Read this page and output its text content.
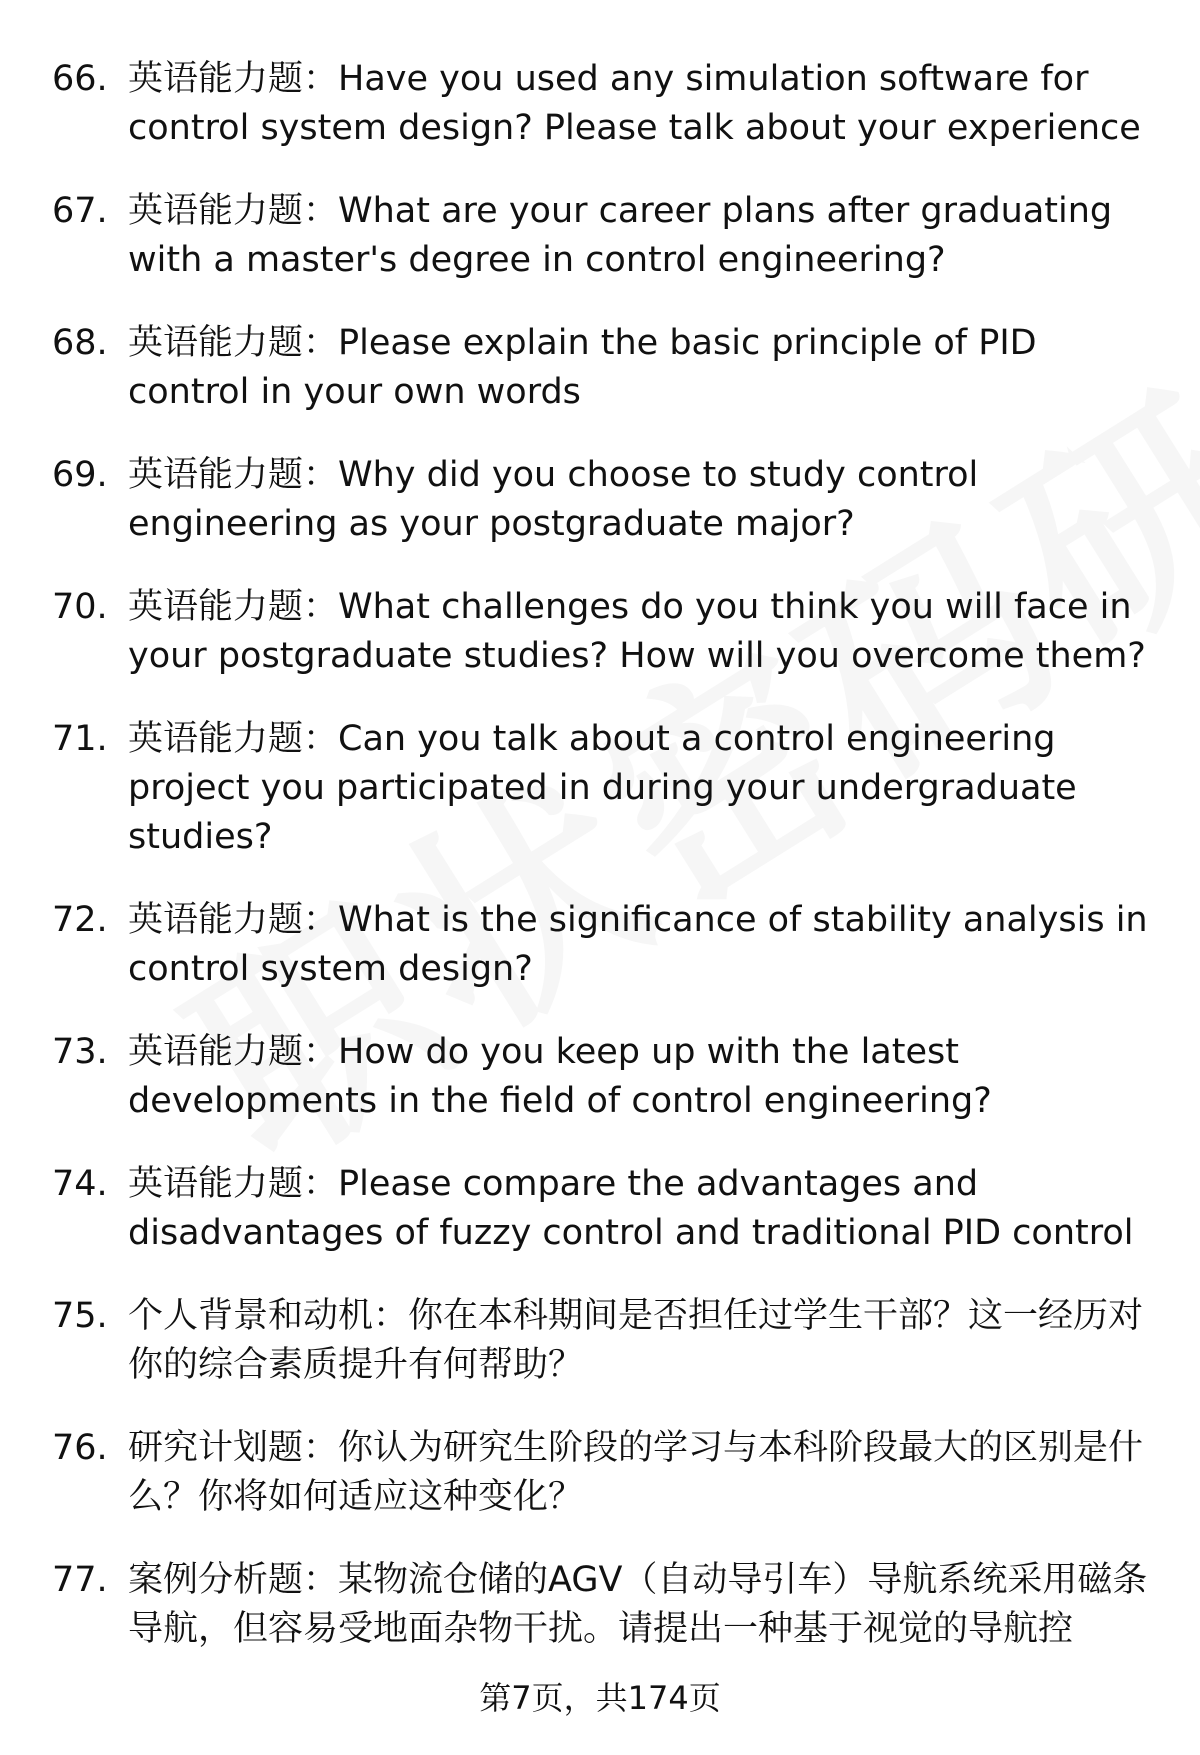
66. 英语能力题：Have you used any simulation software for control system design? Please talk about your experience
67. 英语能力题：What are your career plans after graduating with a master's degree in control engineering?
68. 英语能力题：Please explain the basic principle of PID control in your own words
69. 英语能力题：Why did you choose to study control engineering as your postgraduate major?
70. 英语能力题：What challenges do you think you will face in your postgraduate studies? How will you overcome them?
71. 英语能力题：Can you talk about a control engineering project you participated in during your undergraduate studies?
72. 英语能力题：What is the significance of stability analysis in control system design?
73. 英语能力题：How do you keep up with the latest developments in the field of control engineering?
74. 英语能力题：Please compare the advantages and disadvantages of fuzzy control and traditional PID control
75. 个人背景和动机：你在本科期间是否担任过学生干部？这一经历对你的综合素质提升有何帮助？
76. 研究计划题：你认为研究生阶段的学习与本科阶段最大的区别是什么？你将如何适应这种变化？
77. 案例分析题：某物流仓储的AGV（自动导引车）导航系统采用磁条导航，但容易受地面杂物干扰。请提出一种基于视觉的导航控
第7页，共174页
